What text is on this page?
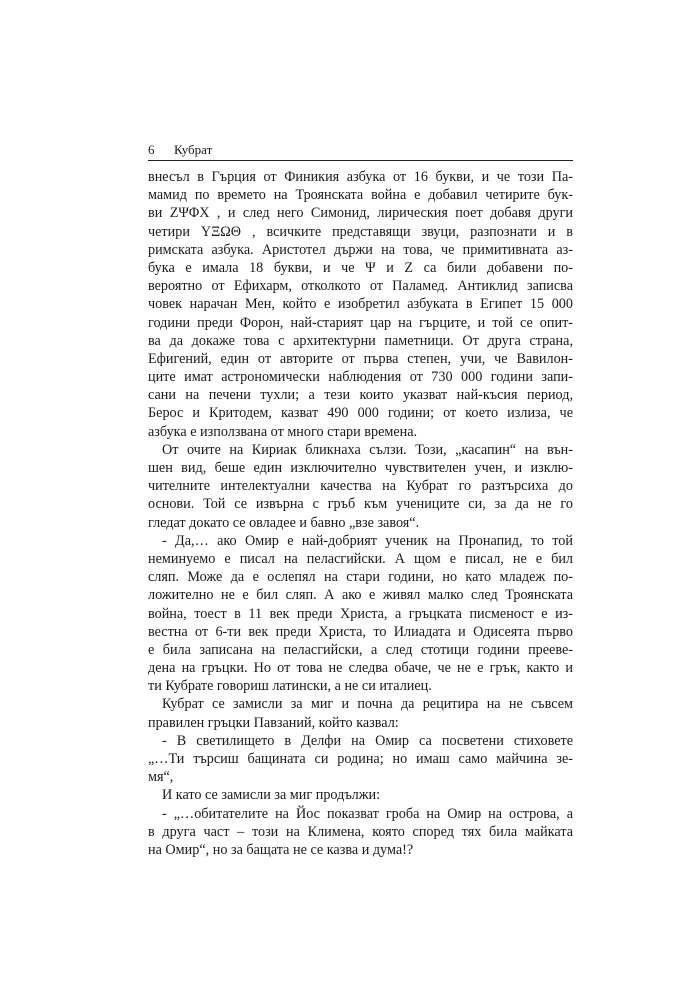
6 Кубрат
внесъл в Гърция от Финикия азбука от 16 букви, и че този Па-
мамид по времето на Троянската война е добавил четирите бук-
ви ΖΨΦΧ , и след него Симонид, лирическия поет добавя други
четири ΥΞΩΘ , всичките представящи звуци, разпознати и в
римската азбука. Аристотел държи на това, че примитивната аз-
бука е имала 18 букви, и че Ψ и Ζ са били добавени по-
вероятно от Ефихарм, отколкото от Паламед. Антиклид записва
човек нарачан Мен, който е изобретил азбуката в Египет 15 000
години преди Форон, най-старият цар на гърците, и той се опит-
ва да докаже това с архитектурни паметници. От друга страна,
Ефигений, един от авторите от първа степен, учи, че Вавилон-
ците имат астрономически наблюдения от 730 000 години запи-
сани на печени тухли; а тези които указват най-късия период,
Берос и Критодем, казват 490 000 години; от което излиза, че
азбука е използвана от много стари времена.
От очите на Кириак бликнаха сълзи. Този, „касапин“ на вън-
шен вид, беше един изключително чувствителен учен, и изклю-
чителните интелектуални качества на Кубрат го разтърсиха до
основи. Той се извърна с гръб към учениците си, за да не го
гледат докато се овладее и бавно „взе завоя“.
- Да,… ако Омир е най-добрият ученик на Пронапид, то той
неминуемо е писал на пеласгийски. А щом е писал, не е бил
сляп. Може да е ослепял на стари години, но като младеж по-
ложително не е бил сляп. А ако е живял малко след Троянската
война, тоест в 11 век преди Христа, а гръцката писменост е из-
вестна от 6-ти век преди Христа, то Илиадата и Одисеята първо
е била записана на пеласгийски, а след стотици години прееве-
дена на гръцки. Но от това не следва обаче, че не е грък, както и
ти Кубрате говориш латински, а не си италиец.
Кубрат се замисли за миг и почна да рецитира на не съвсем
правилен гръцки Павзаний, който казвал:
- В светилището в Делфи на Омир са посветени стиховете
„…Ти търсиш бащината си родина; но имаш само майчина зе-
мя“,
И като се замисли за миг продължи:
- „…обитателите на Йос показват гроба на Омир на острова, а
в друга част – този на Климена, която според тях била майката
на Омир“, но за бащата не се казва и дума!?
